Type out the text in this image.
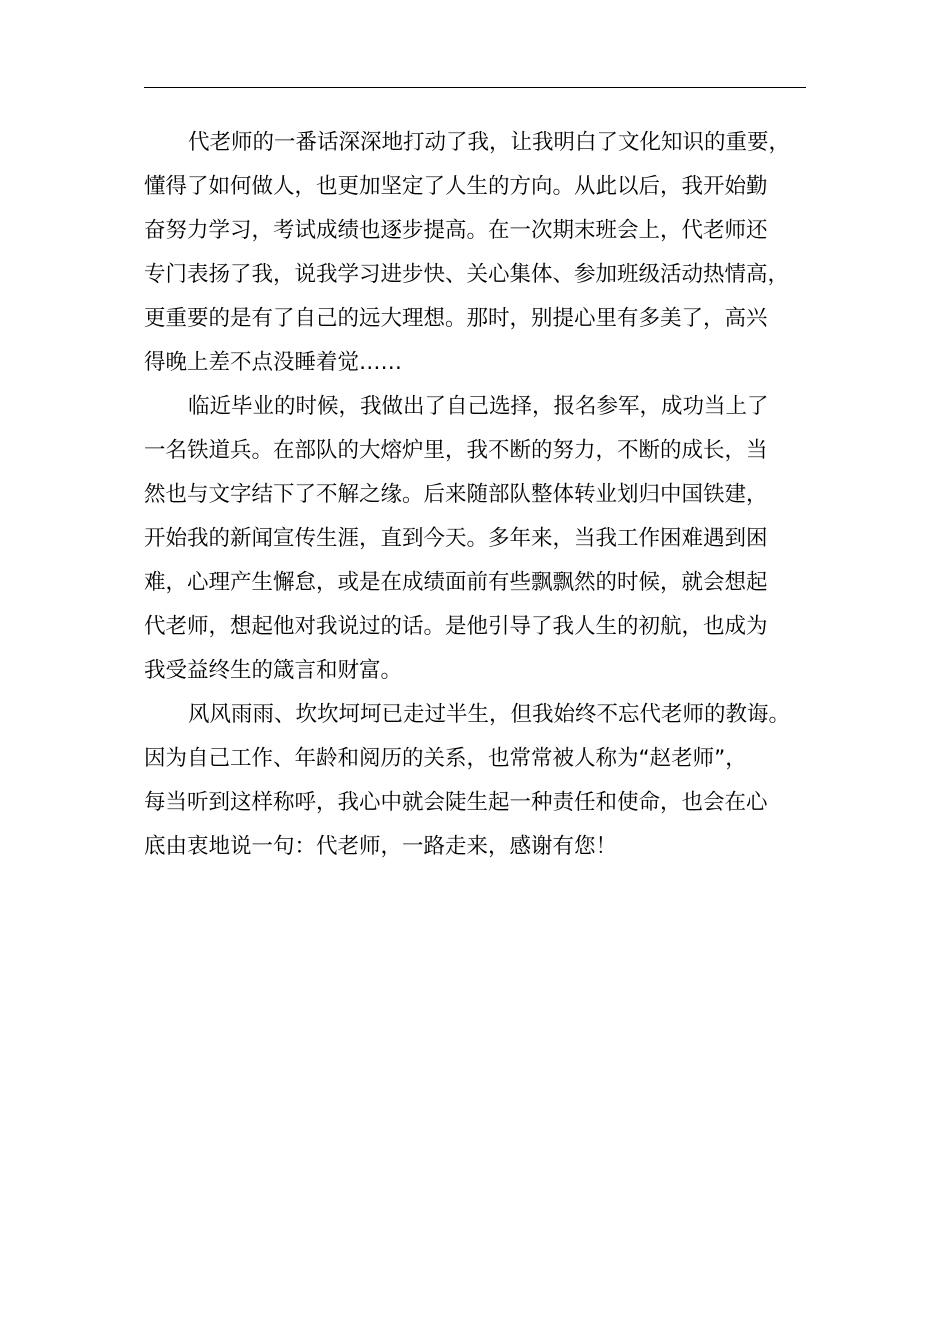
代老师的一番话深深地打动了我，让我明白了文化知识的重要，
懂得了如何做人，也更加坚定了人生的方向。从此以后，我开始勤
奋努力学习，考试成绩也逐步提高。在一次期末班会上，代老师还
专门表扬了我，说我学习进步快、关心集体、参加班级活动热情高，
更重要的是有了自己的远大理想。那时，别提心里有多美了，高兴
得晚上差不点没睡着觉……
临近毕业的时候，我做出了自己选择，报名参军，成功当上了
一名铁道兵。在部队的大熔炉里，我不断的努力，不断的成长，当
然也与文字结下了不解之缘。后来随部队整体转业划归中国铁建，
开始我的新闻宣传生涯，直到今天。多年来，当我工作困难遇到困
难，心理产生懈怠，或是在成绩面前有些飘飘然的时候，就会想起
代老师，想起他对我说过的话。是他引导了我人生的初航，也成为
我受益终生的箴言和财富。
风风雨雨、坎坎坷坷已走过半生，但我始终不忘代老师的教诲。
因为自己工作、年龄和阅历的关系，也常常被人称为“赵老师”，
每当听到这样称呼，我心中就会陡生起一种责任和使命，也会在心
底由衷地说一句：代老师，一路走来，感谢有您！
